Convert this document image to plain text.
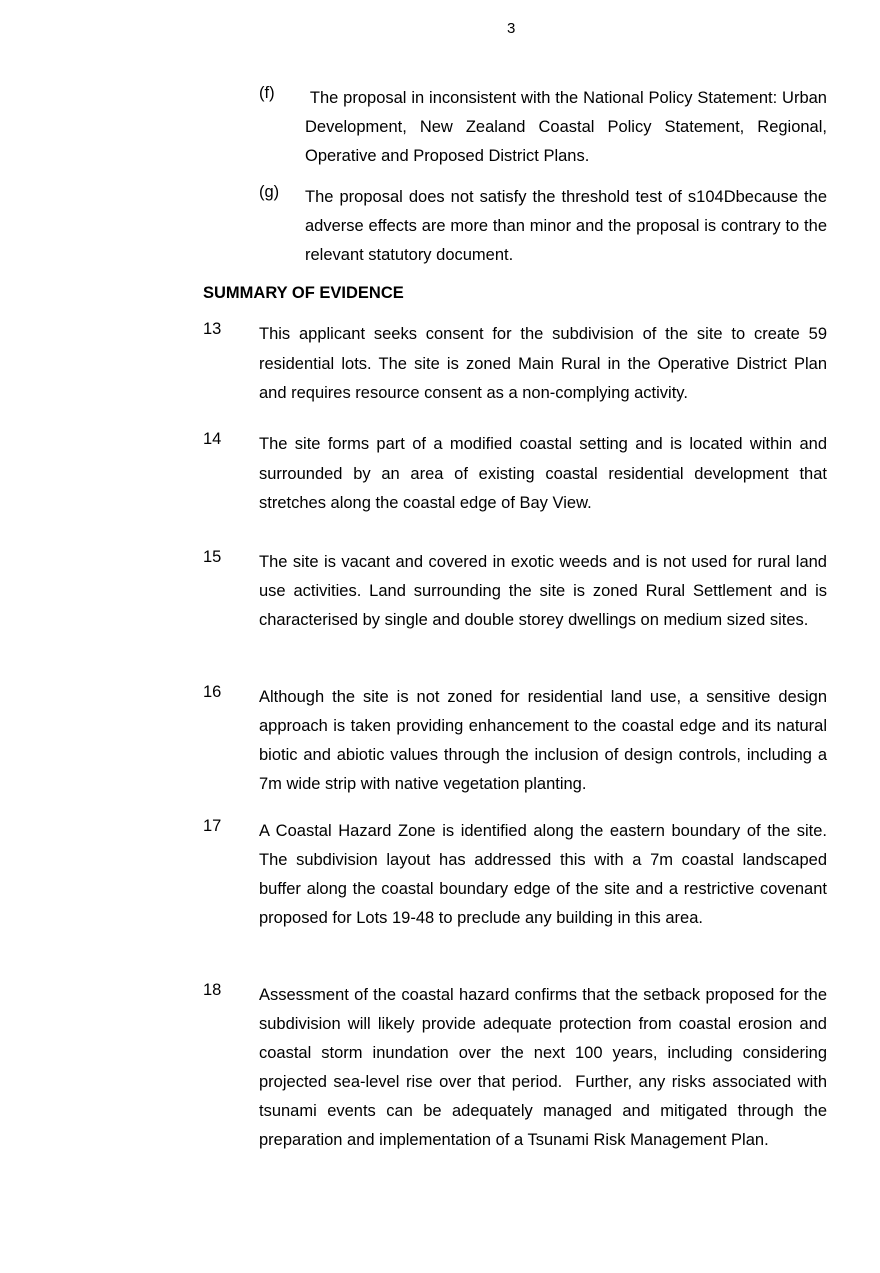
3
(f) The proposal in inconsistent with the National Policy Statement: Urban Development, New Zealand Coastal Policy Statement, Regional, Operative and Proposed District Plans.
(g) The proposal does not satisfy the threshold test of s104Dbecause the adverse effects are more than minor and the proposal is contrary to the relevant statutory document.
SUMMARY OF EVIDENCE
13 This applicant seeks consent for the subdivision of the site to create 59 residential lots. The site is zoned Main Rural in the Operative District Plan and requires resource consent as a non-complying activity.
14 The site forms part of a modified coastal setting and is located within and surrounded by an area of existing coastal residential development that stretches along the coastal edge of Bay View.
15 The site is vacant and covered in exotic weeds and is not used for rural land use activities. Land surrounding the site is zoned Rural Settlement and is characterised by single and double storey dwellings on medium sized sites.
16 Although the site is not zoned for residential land use, a sensitive design approach is taken providing enhancement to the coastal edge and its natural biotic and abiotic values through the inclusion of design controls, including a 7m wide strip with native vegetation planting.
17 A Coastal Hazard Zone is identified along the eastern boundary of the site.  The subdivision layout has addressed this with a 7m coastal landscaped buffer along the coastal boundary edge of the site and a restrictive covenant proposed for Lots 19-48 to preclude any building in this area.
18 Assessment of the coastal hazard confirms that the setback proposed for the subdivision will likely provide adequate protection from coastal erosion and coastal storm inundation over the next 100 years, including considering projected sea-level rise over that period.  Further, any risks associated with tsunami events can be adequately managed and mitigated through the preparation and implementation of a Tsunami Risk Management Plan.
